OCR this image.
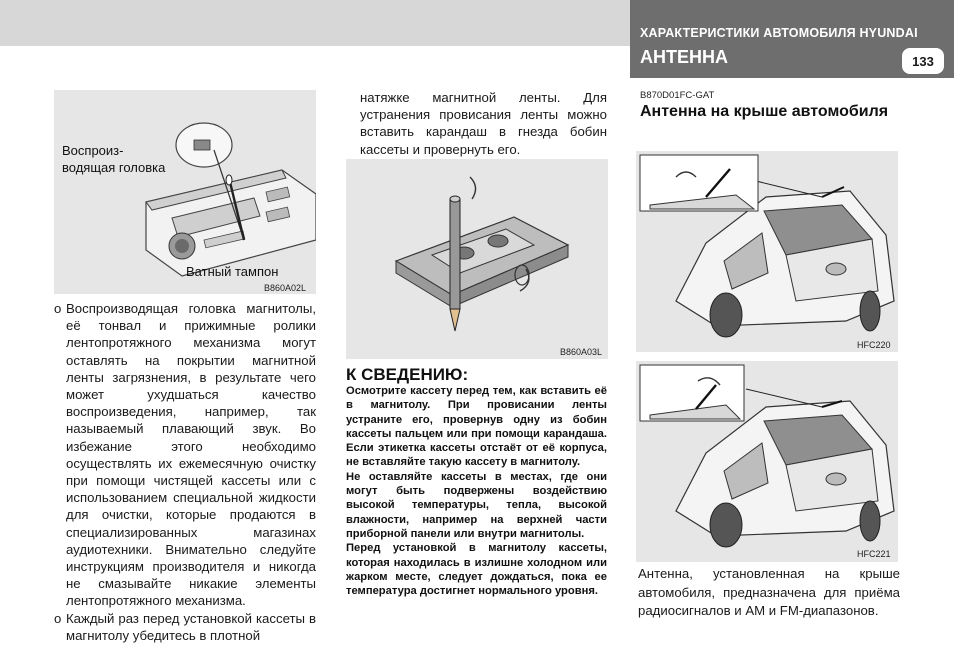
ХАРАКТЕРИСТИКИ АВТОМОБИЛЯ HYUNDAI
АНТЕННА	133
Воспроиз-
водящая головка
Ватный тампон
B860A02L
o Воспроизводящая головка магнитолы, её тонвал и прижимные ролики лентопротяжного механизма могут оставлять на покрытии магнитной ленты загрязнения, в результате чего может ухудшаться качество воспроизведения, например, так называемый плавающий звук. Во избежание этого необходимо осуществлять их ежемесячную очистку при помощи чистящей кассеты или с использованием специальной жидкости для очистки, которые продаются в специализированных магазинах аудиотехники. Внимательно следуйте инструкциям производителя и никогда не смазывайте никакие элементы лентопротяжного механизма.
o Каждый раз перед установкой кассеты в магнитолу убедитесь в плотной
натяжке магнитной ленты. Для устранения провисания ленты можно вставить карандаш в гнезда бобин кассеты и провернуть его.
B860A03L
К СВЕДЕНИЮ:

Осмотрите кассету перед тем, как вставить её в магнитолу. При провисании ленты устраните его, провернув одну из бобин кассеты пальцем или при помощи карандаша. Если этикетка кассеты отстаёт от её корпуса, не вставляйте такую кассету в магнитолу.

Не оставляйте кассеты в местах, где они могут быть подвержены воздействию высокой температуры, тепла, высокой влажности, например на верхней части приборной панели или внутри магнитолы.

Перед установкой в магнитолу кассеты, которая находилась в излишне холодном или жарком месте, следует дождаться, пока ее температура достигнет нормального уровня.

B870D01FC-GAT
Антенна на крыше автомобиля
HFC220
HFC221
Антенна, установленная на крыше автомобиля, предназначена для приёма радиосигналов и AM и FM-диапазонов.
